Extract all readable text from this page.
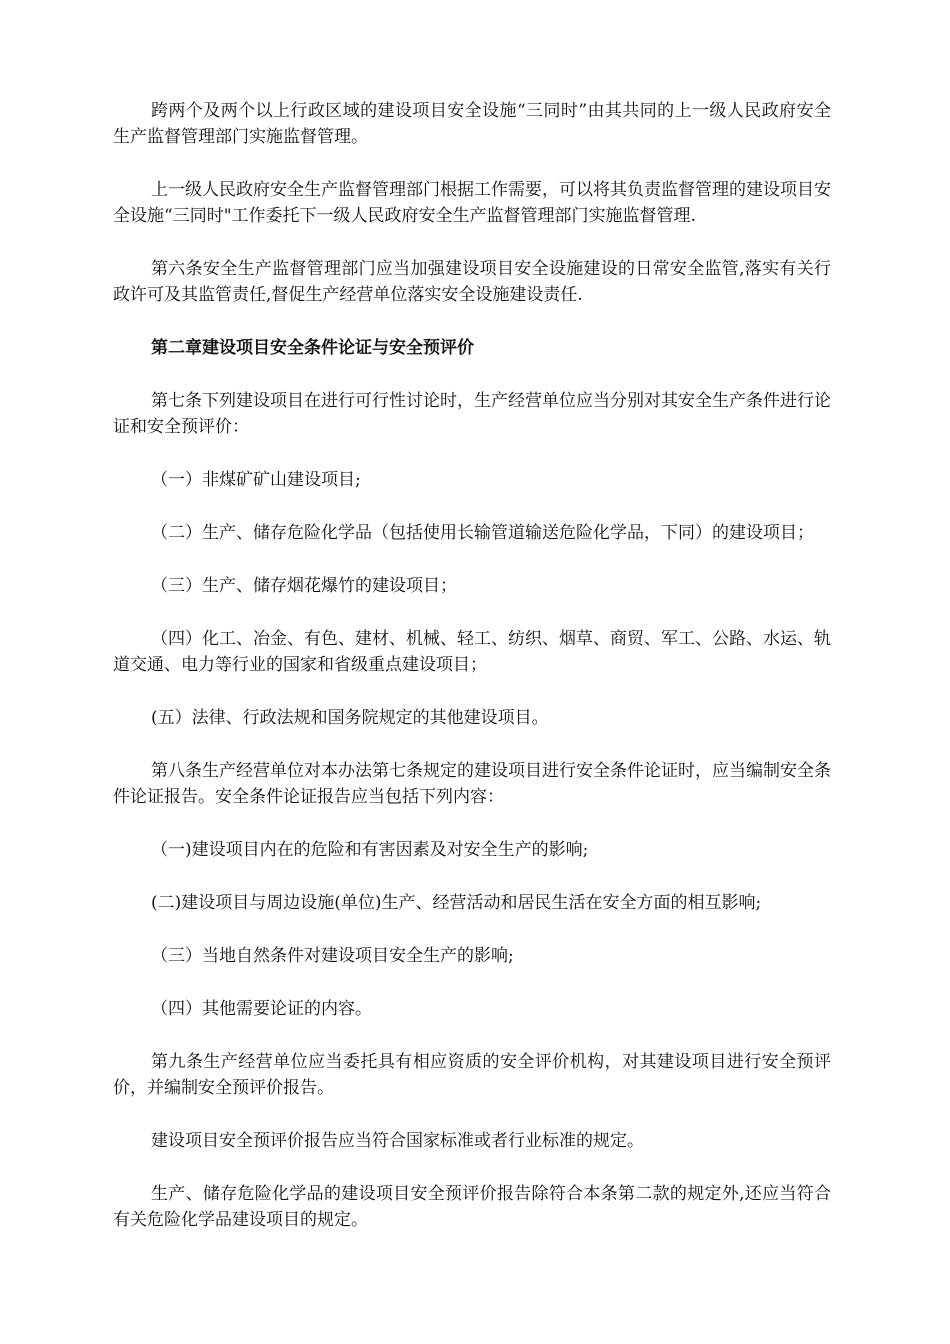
跨两个及两个以上行政区域的建设项目安全设施“三同时”由其共同的上一级人民政府安全生产监督管理部门实施监督管理。

上一级人民政府安全生产监督管理部门根据工作需要，可以将其负责监督管理的建设项目安全设施“三同时"工作委托下一级人民政府安全生产监督管理部门实施监督管理.

第六条安全生产监督管理部门应当加强建设项目安全设施建设的日常安全监管,落实有关行政许可及其监管责任,督促生产经营单位落实安全设施建设责任.

第二章建设项目安全条件论证与安全预评价

第七条下列建设项目在进行可行性讨论时，生产经营单位应当分别对其安全生产条件进行论证和安全预评价：

（一）非煤矿矿山建设项目;

（二）生产、储存危险化学品（包括使用长输管道输送危险化学品，下同）的建设项目；

（三）生产、储存烟花爆竹的建设项目；

（四）化工、冶金、有色、建材、机械、轻工、纺织、烟草、商贸、军工、公路、水运、轨道交通、电力等行业的国家和省级重点建设项目；

(五）法律、行政法规和国务院规定的其他建设项目。

第八条生产经营单位对本办法第七条规定的建设项目进行安全条件论证时，应当编制安全条件论证报告。安全条件论证报告应当包括下列内容：

（一)建设项目内在的危险和有害因素及对安全生产的影响;

(二)建设项目与周边设施(单位)生产、经营活动和居民生活在安全方面的相互影响;

（三）当地自然条件对建设项目安全生产的影响;

（四）其他需要论证的内容。

第九条生产经营单位应当委托具有相应资质的安全评价机构，对其建设项目进行安全预评价，并编制安全预评价报告。

建设项目安全预评价报告应当符合国家标准或者行业标准的规定。

生产、储存危险化学品的建设项目安全预评价报告除符合本条第二款的规定外,还应当符合有关危险化学品建设项目的规定。
